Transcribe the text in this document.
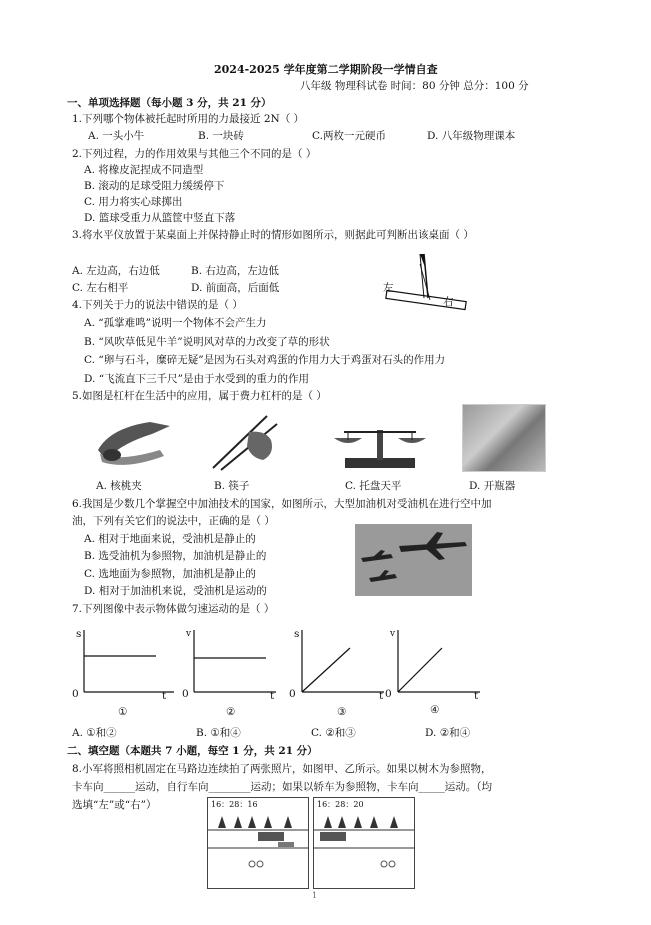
2024-2025 学年度第二学期阶段一学情自查
八年级 物理科试卷 时间：80 分钟 总分：100 分
一、单项选择题（每小题 3 分，共 21 分）
1.下列哪个物体被托起时所用的力最接近 2N（ ）
A. 一头小牛	B. 一块砖	C.两枚一元硬币	D. 八年级物理课本
2.下列过程，力的作用效果与其他三个不同的是（ ）
A. 将橡皮泥捏成不同造型
B. 滚动的足球受阻力缓缓停下
C. 用力将实心球掷出
D. 篮球受重力从篮筐中竖直下落
3.将水平仪放置于某桌面上并保持静止时的情形如图所示，则据此可判断出该桌面（ ）
A. 左边高，右边低	B. 右边高，左边低
C. 左右相平	D. 前面高，后面低	左
右
4.下列关于力的说法中错误的是（ ）
A. “孤掌难鸣”说明一个物体不会产生力
B. “风吹草低见牛羊”说明风对草的力改变了草的形状
C. “卵与石斗，糜碎无疑”是因为石头对鸡蛋的作用力大于鸡蛋对石头的作用力
D. “飞流直下三千尺”是由于水受到的重力的作用
5.如图是杠杆在生活中的应用，属于费力杠杆的是（ ）
A. 核桃夹	B. 筷子	C. 托盘天平	D. 开瓶器
6.我国是少数几个掌握空中加油技术的国家，如图所示，大型加油机对受油机在进行空中加
油，下列有关它们的说法中，正确的是（ ）
A. 相对于地面来说，受油机是静止的
B. 选受油机为参照物，加油机是静止的
C. 选地面为参照物，加油机是静止的
D. 相对于加油机来说，受油机是运动的
7.下列图像中表示物体做匀速运动的是（ ）
s
0	t
①
v
0	t
②
s
0	t
③
v
0	t
④
A. ①和②	B. ①和④	C. ②和③	D. ②和④
二、填空题（本题共 7 小题，每空 1 分，共 21 分）
8.小军将照相机固定在马路边连续拍了两张照片，如图甲、乙所示。如果以树木为参照物，
卡车向______运动，自行车向________运动；如果以轿车为参照物，卡车向_____运动。（均
选填“左”或“右”）	16：28：16	16：28：20
1
